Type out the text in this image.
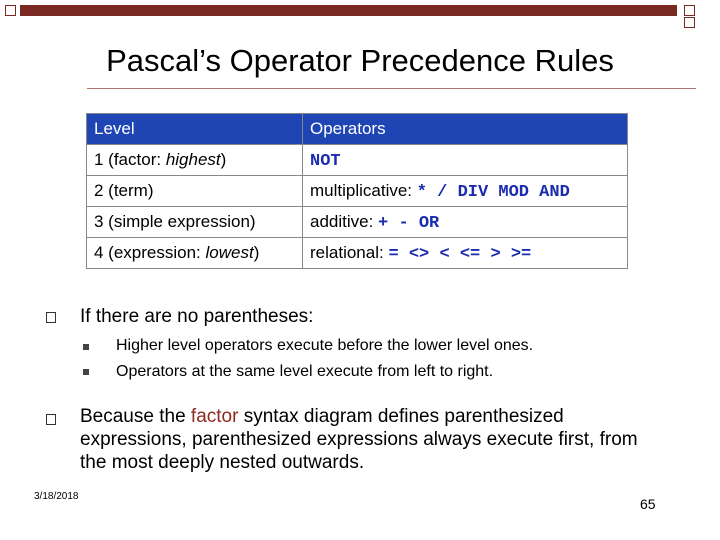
Pascal’s Operator Precedence Rules
Level	Operators
1 (factor: highest)	NOT
2 (term)	multiplicative: * / DIV MOD AND
3 (simple expression)	additive: + - OR
4 (expression: lowest)	relational: = <> < <= > >=
If there are no parentheses:
Higher level operators execute before the lower level ones.
Operators at the same level execute from left to right.
Because the factor syntax diagram defines parenthesized expressions, parenthesized expressions always execute first, from the most deeply nested outwards.
3/18/2018	65
